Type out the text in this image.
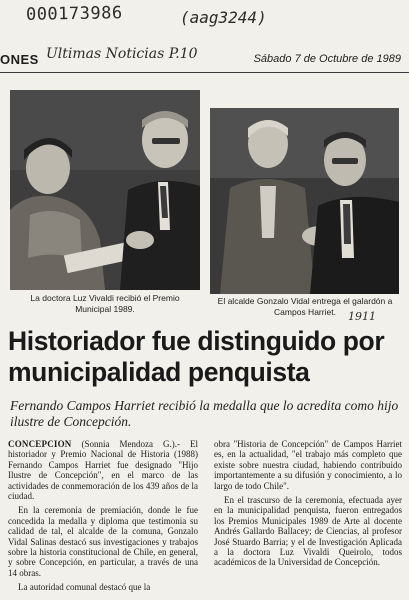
000173986	(aag3244)
ONES Ultimas Noticias P.10	Sábado 7 de Octubre de 1989
La doctora Luz Vivaldi recibió el Premio Municipal 1989.
El alcalde Gonzalo Vidal entrega el galardón a Campos Harriet.	1911
Historiador fue distinguido por municipalidad penquista
Fernando Campos Harriet recibió la medalla que lo acredita como hijo ilustre de Concepción.

CONCEPCION (Sonnia Mendoza G.).- El historiador y Premio Nacional de Historia (1988) Fernando Campos Harriet fue designado "Hijo Ilustre de Concepción", en el marco de las actividades de conmemoración de los 439 años de la ciudad.

En la ceremonia de premiación, donde le fue concedida la medalla y diploma que testimonia su calidad de tal, el alcalde de la comuna, Gonzalo Vidal Salinas destacó sus investigaciones y trabajos sobre la historia constitucional de Chile, en general, y sobre Concepción, en particular, a través de una 14 obras.

La autoridad comunal destacó que la

obra "Historia de Concepción" de Campos Harriet es, en la actualidad, "el trabajo más completo que existe sobre nuestra ciudad, habiendo contribuido importantemente a su difusión y conocimiento, a lo largo de todo Chile".

En el trascurso de la ceremonia, efectuada ayer en la municipalidad penquista, fueron entregados los Premios Municipales 1989 de Arte al docente Andrés Gallardo Ballacey; de Ciencias, al profesor José Stuardo Barria; y el de Investigación Aplicada a la doctora Luz Vivaldi Queirolo, todos académicos de la Universidad de Concepción.
